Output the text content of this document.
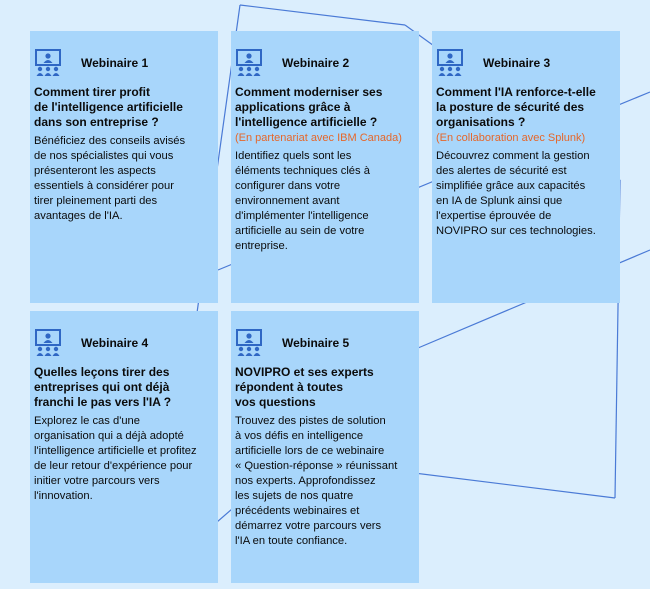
Webinaire 1
Comment tirer profit
de l'intelligence artificielle
dans son entreprise ?
Bénéficiez des conseils avisés
de nos spécialistes qui vous
présenteront les aspects
essentiels à considérer pour
tirer pleinement parti des
avantages de l'IA.
Webinaire 2
Comment moderniser ses
applications grâce à
l'intelligence artificielle ?
(En partenariat avec IBM Canada)
Identifiez quels sont les
éléments techniques clés à
configurer dans votre
environnement avant
d'implémenter l'intelligence
artificielle au sein de votre
entreprise.
Webinaire 3
Comment l'IA renforce-t-elle
la posture de sécurité des
organisations ?
(En collaboration avec Splunk)
Découvrez comment la gestion
des alertes de sécurité est
simplifiée grâce aux capacités
en IA de Splunk ainsi que
l'expertise éprouvée de
NOVIPRO sur ces technologies.
Webinaire 4
Quelles leçons tirer des
entreprises qui ont déjà
franchi le pas vers l'IA ?
Explorez le cas d'une
organisation qui a déjà adopté
l'intelligence artificielle et profitez
de leur retour d'expérience pour
initier votre parcours vers
l'innovation.
Webinaire 5
NOVIPRO et ses experts
répondent à toutes
vos questions
Trouvez des pistes de solution
à vos défis en intelligence
artificielle lors de ce webinaire
« Question-réponse » réunissant
nos experts. Approfondissez
les sujets de nos quatre
précédents webinaires et
démarrez votre parcours vers
l'IA en toute confiance.
